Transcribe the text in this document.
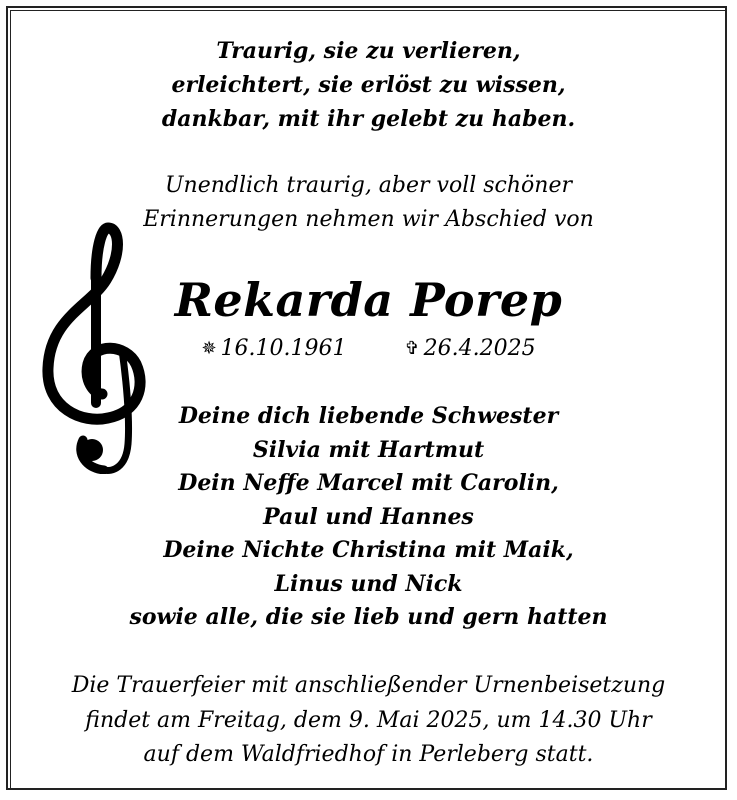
Traurig, sie zu verlieren,
erleichtert, sie erlöst zu wissen,
dankbar, mit ihr gelebt zu haben.
Unendlich traurig, aber voll schöner
Erinnerungen nehmen wir Abschied von
Rekarda Porep
✵ 16.10.1961	✞ 26.4.2025
Deine dich liebende Schwester
Silvia mit Hartmut
Dein Neffe Marcel mit Carolin,
Paul und Hannes
Deine Nichte Christina mit Maik,
Linus und Nick
sowie alle, die sie lieb und gern hatten
Die Trauerfeier mit anschließender Urnenbeisetzung
findet am Freitag, dem 9. Mai 2025, um 14.30 Uhr
auf dem Waldfriedhof in Perleberg statt.
